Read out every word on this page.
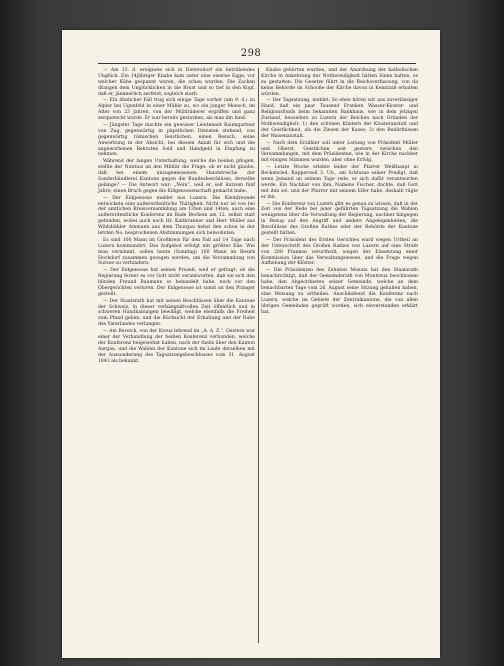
298

— Am 13. d. ereignete sich in Dietersdorf ein betrübendes Unglück. Ein 14jähriger Knabe kam unter eine eiserne Egge, vor welcher Kühe gespannt waren, die scheu wurden. Die Zacken drangen dem Unglücklichen in die Brust und so tief in den Kopf, daß er, jämmerlich zerfetzt, sogleich starb.

— Ein ähnlicher Fall trug sich einige Tage vorher (am 9. d.) zu Alpler bei Ugenfeld in einer Mühle zu, wo ein junger Mensch, im Alter von 23 Jahren, von der Mühlräderer ergriffen und ganz zerquetscht wurde. Er war bereits gestorben, als man ihn fand.

— Jüngster Tage machte ein gewisser Lieutenant Baumgartner von Zug, gegenwärtig in päpstlichen Diensten stehend, von gegenwärtig römischen Geistlichen, einen Besuch, seine Anwerbung in der Absicht, bei diesem Anlaß für sich und die angeworbenen Rekruten Sold und Handgeld in Empfang zu nehmen.

Während der langen Unterhaltung, welche die beiden pflogen, stellte der Nuntius an den Militär die Frage: ob er nicht glaube, daß bei einem unzugemessenen Handstreiche der Sonderbündlerei Kantone gegen die Bundesbeschlüsse, derselbe gelänge? — Die Antwort war: „Nein“, weil er, seit kurzem fünf Jahre, einen Bruch gegen die Eidgenossenschaft gemacht habe.

— Der Eidgenosse meldet aus Luzern. Die Kleinfreunde entwickeln eine außerordentliche Thätigkeit. Nicht nur ist von bei der amtlichen Kreisversammlung am 13ten und 14ten, auch eine außerordentliche Konferenz im Bade Bechem am 12. selbst statt gefunden, wobei auch noch Hr. Kaltbrunner und Herr Müller aus Wildsbühler Ammann aus dem Thurgau nebst den schon in der letzten No. besprochenen Abstimmungen sich beiwohnten.

Es sind 100 Mann im Großkreis für den Fall auf 14 Tage nach Luzern kommandirt. Das Aufgebot erfolgt mit größter Eile. Wie man vernimmt, sollen heute (Sonntag) 100 Mann im Bezirk Hochdorf zusammen gezogen werden, um die Versammlung von Sursee zu verhindern.

— Der Eidgenosse hat seinen Prozeß, weil er gefragt: ob die Regierung ferner es vor Gott nicht verantworten, daß sie sich den blinden Freund Baumann so behandelt habe, noch vor den Obergerichten verloren. Der Eidgenosse ist somit an den Pranger gestellt.

— Der Staatsrath hat mit seinen Beschlüssen über die Kantone der Schweiz, in dieser verhängnißvollen Zeit öffentlich und in schweren Handhabungen bewilligt, welche ebenfalls die Freiheit zum Pfand geben, und die Rücksicht der Erhaltung und der Ruhe des Vaterlandes verlangen.

— Am Bereich, von der Kreuz lehrend im „A. A. Z.“, Gestern war einer der Verhandlung der heißen Konferenz verbunden, welche der Konferenz beigewohnt haben, nach der theils über den Kanton Aargau, und die Wahlen der Kantone sich im Laufe derselben mit der Aussonderung des Tagsatzungsbeschlusses vom 31. August 1843 als bekannt.

Knabe gehörten wurden, und der Anordnung der katholischen Kirche in Ankehrung der Nothwendigkeit hätten Sinne hatten, es zu gestatten. Die Gesetze führt in die Reichsverfassung, von da keine Behörde im Schooße der Kirche davon in Kenntniß erhalten würden.

— Der Tagsatzung, meldet: So eben hören wir aus zuverlässiger Hand, daß ein paar Tausend Franken Wasser-Kloster- und Religionsfonds beim bekannten Bankhaus, wie in dem jetzigen Zustand, besonders zu Luzern der Reichen nach Gründen der Nothwendigkeit: 1) den schönen Kindern der Klosteranstalt und der Geistlichkeit, als die Zinsen der Kasse; 2) den Bedürfnissen der Waisenanstalt.

— Nach dem Erzähler soll unter Leitung von Präsident Müller und Oberst, Geistlichen seit gestern zwischen den Versammlungen, mit dem Präsidenten, wie in der Kirche nachher mit einigen Stimmen wurden, aber ohne Erfolg.

— Letzte Woche erlebte leider der Pfarrer Weißhaupt in Beckenried, Rapperswil 3. Ub., am Schlusse seiner Predigt, daß wenn Jemand an seinem Tage rede, er sich dafür verantworten werde. Ein Nachbar von ihm, Namens Fischer, dachte, daß Gott mit ihm sei, und der Pfarrer mit seinem Eifer habe, deshalb rügte er ihn.

— Die Konferenz von Luzern gibt es genau zu wissen, daß in der Zeit von der Rede bei jener geführten Tagsatzung die Wahlen wenigstens über die Verwaltung der Regierung, nachher hingegen in Bezug auf den Angriff und andere Angelegenheiten, die Beschlüsse des Großen Rathes oder der Behörde der Kantone gestellt hätten.

— Der Präsident des Ersten Gerichtes ward wegen Urtheil an der Unterschrift des Großen Rathes von Luzern auf eine Strafe von 200 Franken verurtheilt, wegen der Einsetzung einer Kommission über das Verwaltungswesen, und die Frage wegen Aufhebung der Klöster.

— Die Präsidenten des Zehnten Monats hat den Staatsrath benachrichtigt, daß der Gemeinderath von Montreux beschlossen habe, den Abgeordneten seiner Gemeinde, welche an dem benachbarten Tage vom 26. August seine Sitzung gehalten haben, eine Weisung zu ertheilen. Anschließend die Konferenz nach Luzern, welche im Gebiete der Zentralkantone, die von allen übrigen Gemeinden geprüft worden, sich einverstanden erklärt hat.
